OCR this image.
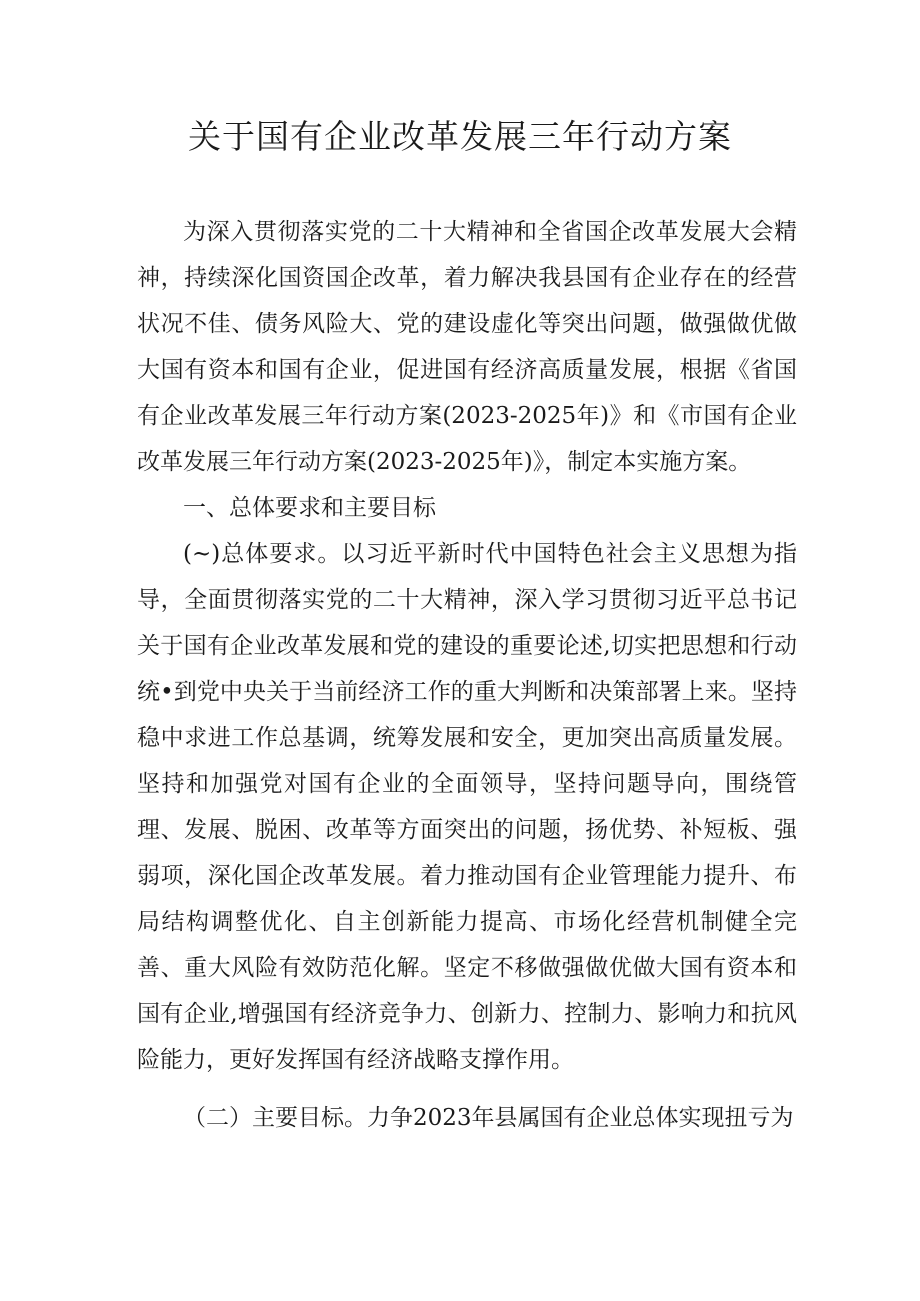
关于国有企业改革发展三年行动方案

为深入贯彻落实党的二十大精神和全省国企改革发展大会精神，持续深化国资国企改革，着力解决我县国有企业存在的经营状况不佳、债务风险大、党的建设虚化等突出问题，做强做优做大国有资本和国有企业，促进国有经济高质量发展，根据《省国有企业改革发展三年行动方案(2023-2025年)》和《市国有企业改革发展三年行动方案(2023-2025年)》，制定本实施方案。

一、总体要求和主要目标

(~)总体要求。以习近平新时代中国特色社会主义思想为指导，全面贯彻落实党的二十大精神，深入学习贯彻习近平总书记关于国有企业改革发展和党的建设的重要论述,切实把思想和行动统•到党中央关于当前经济工作的重大判断和决策部署上来。坚持稳中求进工作总基调，统筹发展和安全，更加突出高质量发展。坚持和加强党对国有企业的全面领导，坚持问题导向，围绕管理、发展、脱困、改革等方面突出的问题，扬优势、补短板、强弱项，深化国企改革发展。着力推动国有企业管理能力提升、布局结构调整优化、自主创新能力提高、市场化经营机制健全完善、重大风险有效防范化解。坚定不移做强做优做大国有资本和国有企业,增强国有经济竞争力、创新力、控制力、影响力和抗风险能力，更好发挥国有经济战略支撑作用。

（二）主要目标。力争2023年县属国有企业总体实现扭亏为
